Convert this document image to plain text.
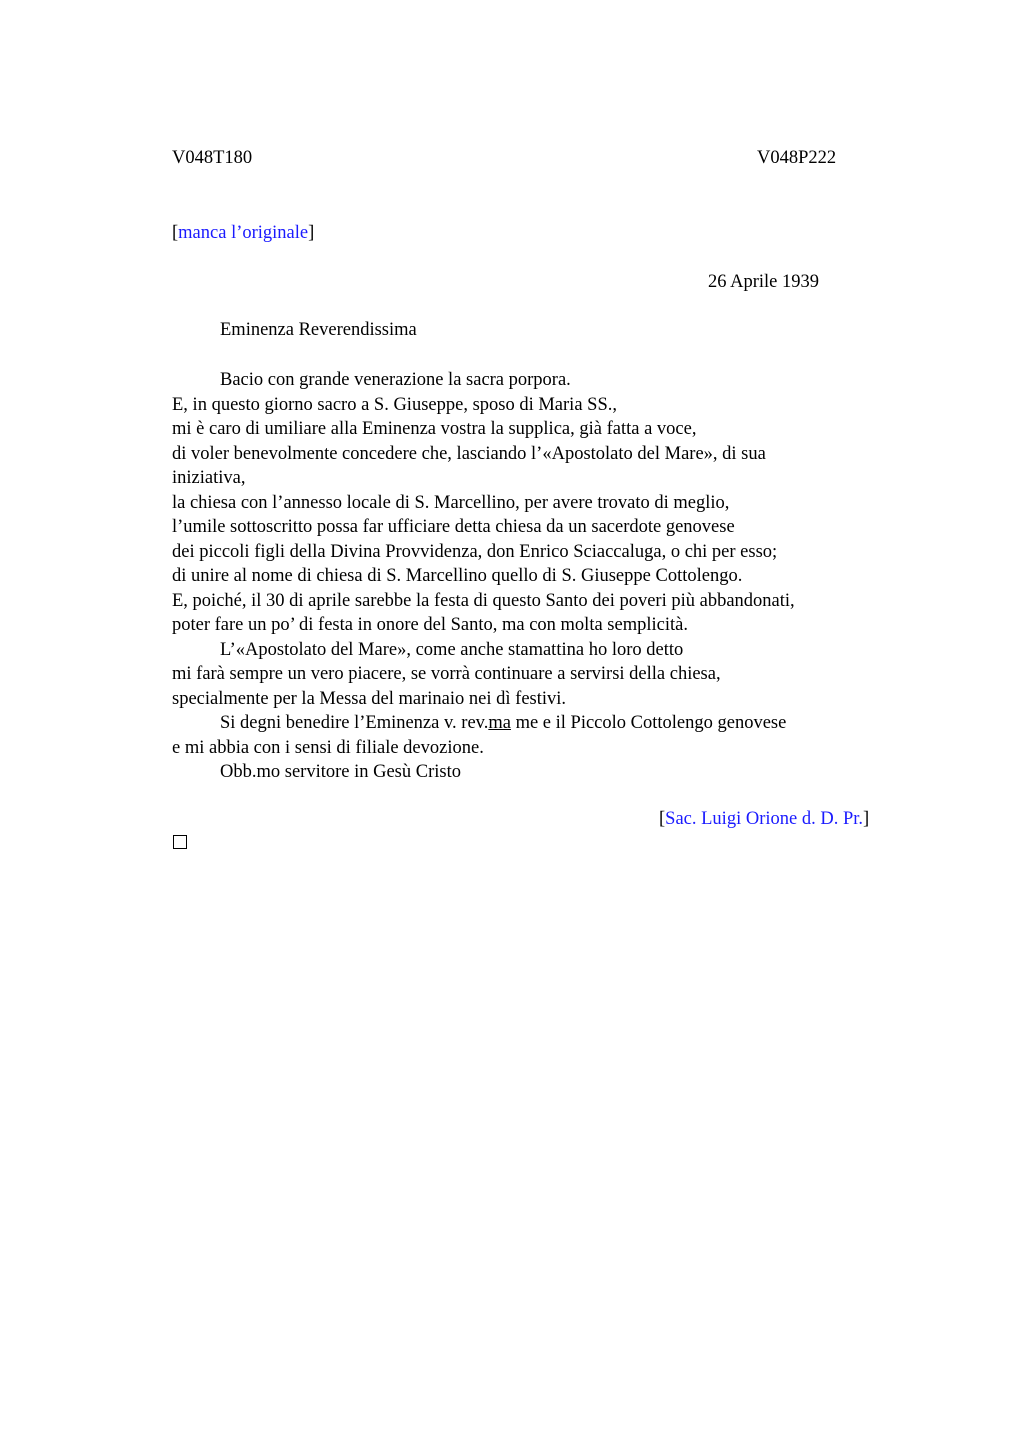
V048T180	V048P222
[manca l’originale]
26 Aprile 1939
Eminenza Reverendissima
Bacio con grande venerazione la sacra porpora.
E, in questo giorno sacro a S. Giuseppe, sposo di Maria SS.,
mi è caro di umiliare alla Eminenza vostra la supplica, già fatta a voce,
di voler benevolmente concedere che, lasciando l’«Apostolato del Mare», di sua
iniziativa,
la chiesa con l’annesso locale di S. Marcellino, per avere trovato di meglio,
l’umile sottoscritto possa far ufficiare detta chiesa da un sacerdote genovese
dei piccoli figli della Divina Provvidenza, don Enrico Sciaccaluga, o chi per esso;
di unire al nome di chiesa di S. Marcellino quello di S. Giuseppe Cottolengo.
E, poiché, il 30 di aprile sarebbe la festa di questo Santo dei poveri più abbandonati,
poter fare un po’ di festa in onore del Santo, ma con molta semplicità.
L’«Apostolato del Mare», come anche stamattina ho loro detto
mi farà sempre un vero piacere, se vorrà continuare a servirsi della chiesa,
specialmente per la Messa del marinaio nei dì festivi.
Si degni benedire l’Eminenza v. rev.ma me e il Piccolo Cottolengo genovese
e mi abbia con i sensi di filiale devozione.
Obb.mo servitore in Gesù Cristo
[Sac. Luigi Orione d. D. Pr.]
